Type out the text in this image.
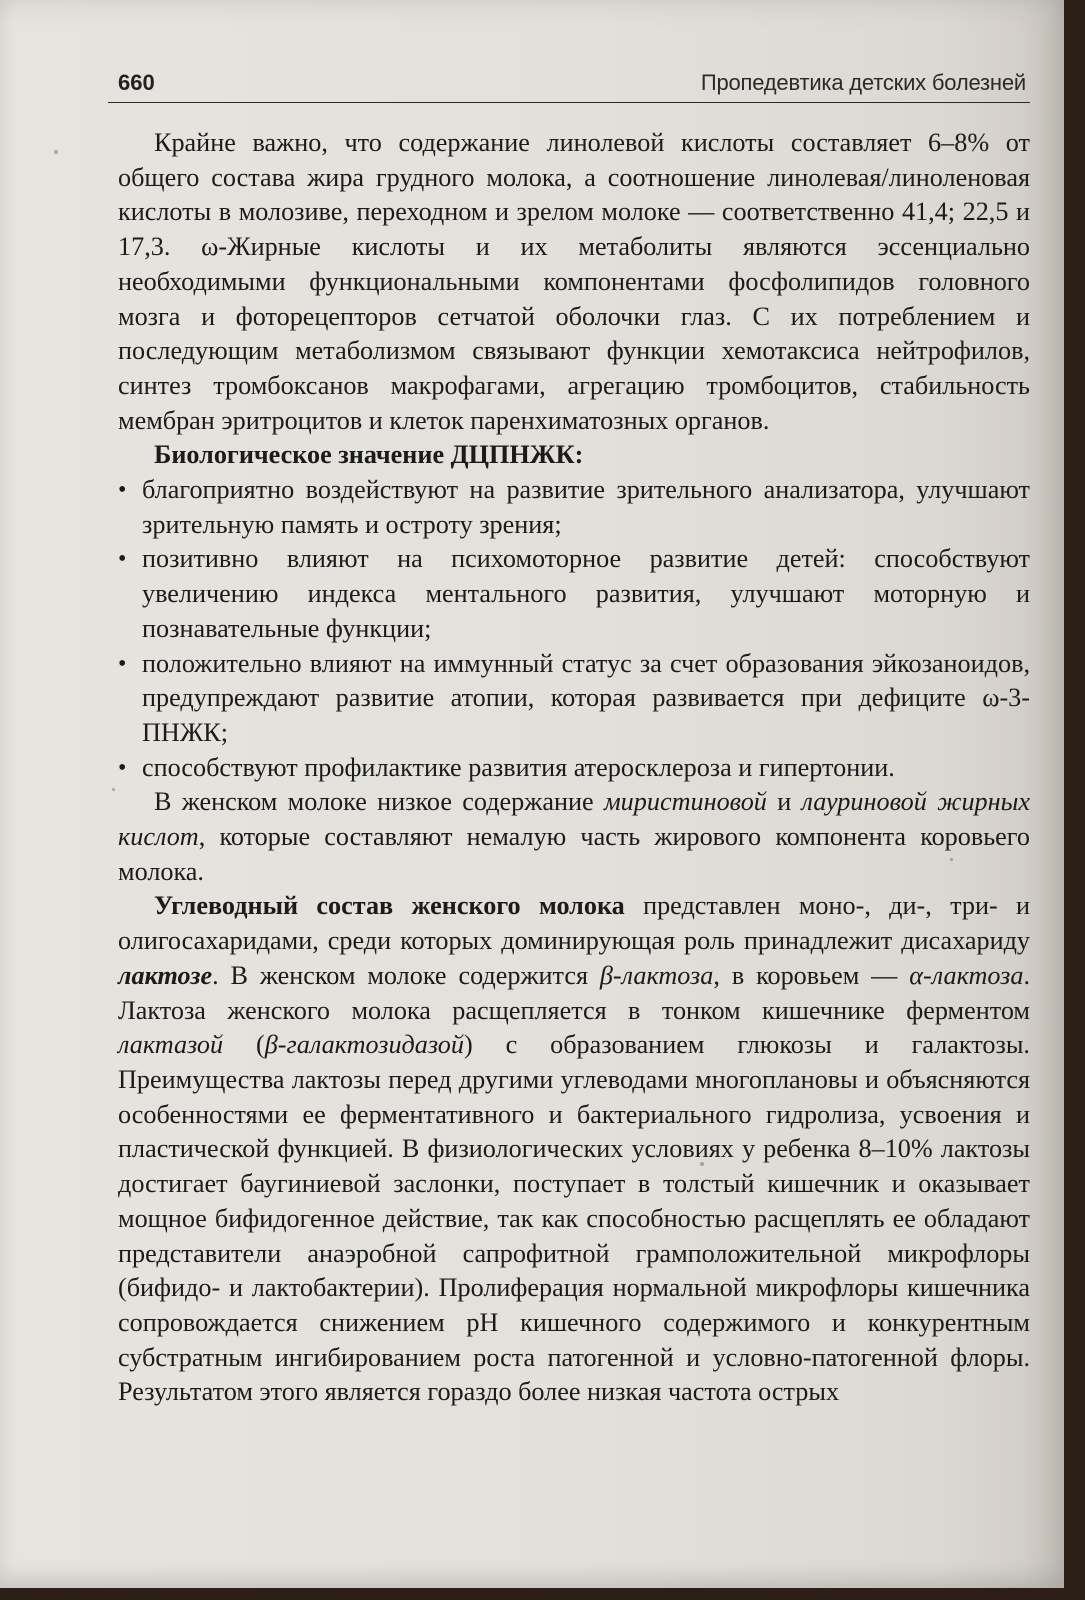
660	Пропедевтика детских болезней

Крайне важно, что содержание линолевой кислоты составляет 6–8% от общего состава жира грудного молока, а соотношение линолевая/линоленовая кислоты в молозиве, переходном и зрелом молоке — соответственно 41,4; 22,5 и 17,3. ω-Жирные кислоты и их метаболиты являются эссенциально необходимыми функциональными компонентами фосфолипидов головного мозга и фоторецепторов сетчатой оболочки глаз. С их потреблением и последующим метаболизмом связывают функции хемотаксиса нейтрофилов, синтез тромбоксанов макрофагами, агрегацию тромбоцитов, стабильность мембран эритроцитов и клеток паренхиматозных органов.

Биологическое значение ДЦПНЖК:

• благоприятно воздействуют на развитие зрительного анализатора, улучшают зрительную память и остроту зрения;
• позитивно влияют на психомоторное развитие детей: способствуют увеличению индекса ментального развития, улучшают моторную и познавательные функции;
• положительно влияют на иммунный статус за счет образования эйкозаноидов, предупреждают развитие атопии, которая развивается при дефиците ω-3-ПНЖК;
• способствуют профилактике развития атеросклероза и гипертонии.

В женском молоке низкое содержание миристиновой и лауриновой жирных кислот, которые составляют немалую часть жирового компонента коровьего молока.

Углеводный состав женского молока представлен моно-, ди-, три- и олигосахаридами, среди которых доминирующая роль принадлежит дисахариду лактозе. В женском молоке содержится β-лактоза, в коровьем — α-лактоза. Лактоза женского молока расщепляется в тонком кишечнике ферментом лактазой (β-галактозидазой) с образованием глюкозы и галактозы. Преимущества лактозы перед другими углеводами многоплановы и объясняются особенностями ее ферментативного и бактериального гидролиза, усвоения и пластической функцией. В физиологических условиях у ребенка 8–10% лактозы достигает баугиниевой заслонки, поступает в толстый кишечник и оказывает мощное бифидогенное действие, так как способностью расщеплять ее обладают представители анаэробной сапрофитной грамположительной микрофлоры (бифидо- и лактобактерии). Пролиферация нормальной микрофлоры кишечника сопровождается снижением pH кишечного содержимого и конкурентным субстратным ингибированием роста патогенной и условно-патогенной флоры. Результатом этого является гораздо более низкая частота острых
